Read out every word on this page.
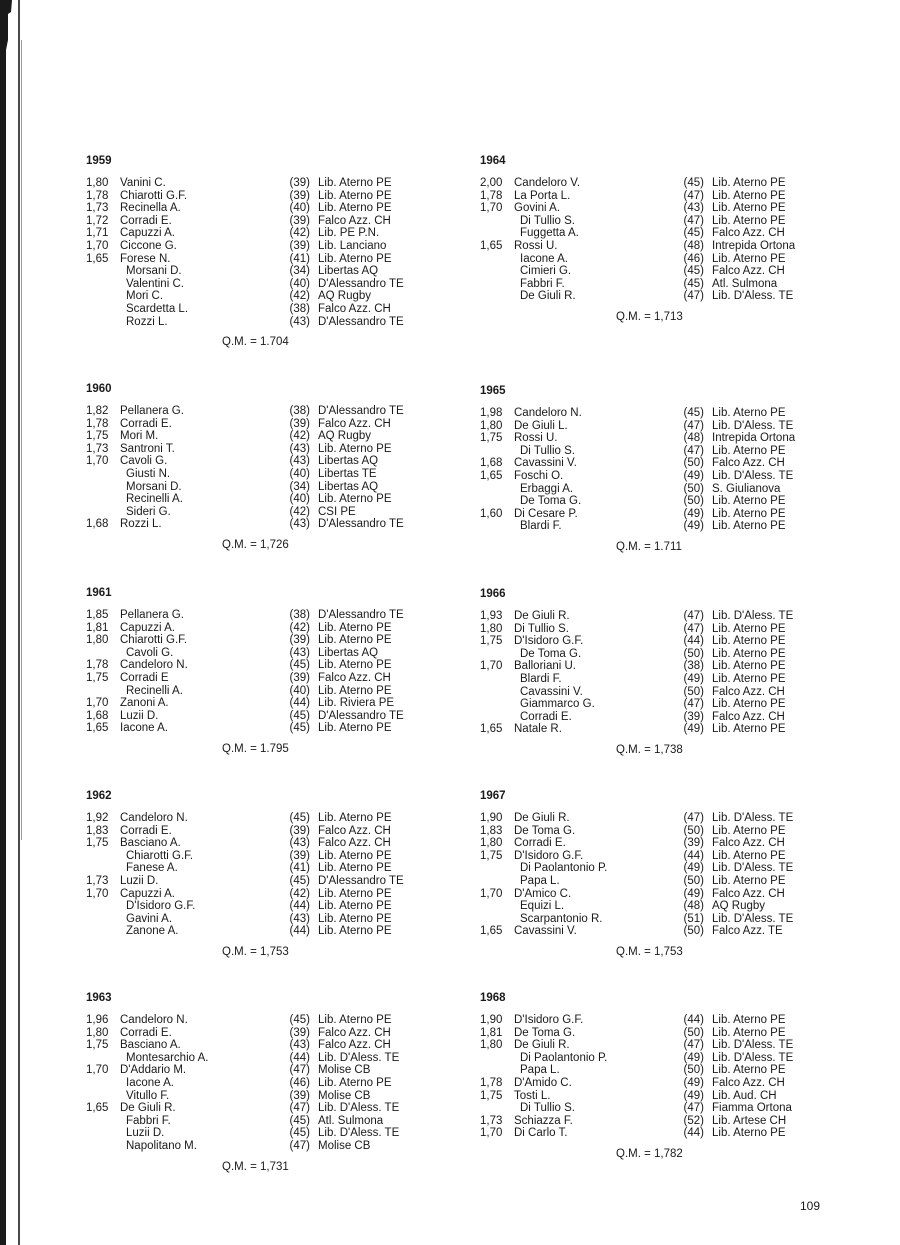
1959
1,80	Vanini C.	(39) Lib. Aterno PE
1,78	Chiarotti G.F.	(39) Lib. Aterno PE
1,73	Recinella A.	(40) Lib. Aterno PE
1,72	Corradi E.	(39) Falco Azz. CH
1,71	Capuzzi A.	(42) Lib. PE P.N.
1,70	Ciccone G.	(39) Lib. Lanciano
1,65	Forese N.	(41) Lib. Aterno PE
Morsani D.	(34) Libertas AQ
Valentini C.	(40) D'Alessandro TE
Mori C.	(42) AQ Rugby
Scardetta L.	(38) Falco Azz. CH
Rozzi L.	(43) D'Alessandro TE
Q.M. = 1.704
1960
1,82	Pellanera G.	(38) D'Alessandro TE
1,78	Corradi E.	(39) Falco Azz. CH
1,75	Mori M.	(42) AQ Rugby
1,73	Santroni T.	(43) Lib. Aterno PE
1,70	Cavoli G.	(43) Libertas AQ
Giusti N.	(40) Libertas TE
Morsani D.	(34) Libertas AQ
Recinelli A.	(40) Lib. Aterno PE
Sideri G.	(42) CSI PE
1,68	Rozzi L.	(43) D'Alessandro TE
Q.M. = 1,726
1961
1,85	Pellanera G.	(38) D'Alessandro TE
1,81	Capuzzi A.	(42) Lib. Aterno PE
1,80	Chiarotti G.F.	(39) Lib. Aterno PE
Cavoli G.	(43) Libertas AQ
1,78	Candeloro N.	(45) Lib. Aterno PE
1,75	Corradi E	(39) Falco Azz. CH
Recinelli A.	(40) Lib. Aterno PE
1,70	Zanoni A.	(44) Lib. Riviera PE
1,68	Luzii D.	(45) D'Alessandro TE
1,65	Iacone A.	(45) Lib. Aterno PE
Q.M. = 1.795
1962
1,92	Candeloro N.	(45) Lib. Aterno PE
1,83	Corradi E.	(39) Falco Azz. CH
1,75	Basciano A.	(43) Falco Azz. CH
Chiarotti G.F.	(39) Lib. Aterno PE
Fanese A.	(41) Lib. Aterno PE
1,73	Luzii D.	(45) D'Alessandro TE
1,70	Capuzzi A.	(42) Lib. Aterno PE
D'Isidoro G.F.	(44) Lib. Aterno PE
Gavini A.	(43) Lib. Aterno PE
Zanone A.	(44) Lib. Aterno PE
Q.M. = 1,753
1963
1,96	Candeloro N.	(45) Lib. Aterno PE
1,80	Corradi E.	(39) Falco Azz. CH
1,75	Basciano A.	(43) Falco Azz. CH
Montesarchio A.	(44) Lib. D'Aless. TE
1,70	D'Addario M.	(47) Molise CB
Iacone A.	(46) Lib. Aterno PE
Vitullo F.	(39) Molise CB
1,65	De Giuli R.	(47) Lib. D'Aless. TE
Fabbri F.	(45) Atl. Sulmona
Luzii D.	(45) Lib. D'Aless. TE
Napolitano M.	(47) Molise CB
Q.M. = 1,731
1964
2,00	Candeloro V.	(45) Lib. Aterno PE
1,78	La Porta L.	(47) Lib. Aterno PE
1,70	Govini A.	(43) Lib. Aterno PE
Di Tullio S.	(47) Lib. Aterno PE
Fuggetta A.	(45) Falco Azz. CH
1,65	Rossi U.	(48) Intrepida Ortona
Iacone A.	(46) Lib. Aterno PE
Cimieri G.	(45) Falco Azz. CH
Fabbri F.	(45) Atl. Sulmona
De Giuli R.	(47) Lib. D'Aless. TE
Q.M. = 1,713
1965
1,98	Candeloro N.	(45) Lib. Aterno PE
1,80	De Giuli L.	(47) Lib. D'Aless. TE
1,75	Rossi U.	(48) Intrepida Ortona
Di Tullio S.	(47) Lib. Aterno PE
1,68	Cavassini V.	(50) Falco Azz. CH
1,65	Foschi O.	(49) Lib. D'Aless. TE
Erbaggi A.	(50) S. Giulianova
De Toma G.	(50) Lib. Aterno PE
1,60	Di Cesare P.	(49) Lib. Aterno PE
Blardi F.	(49) Lib. Aterno PE
Q.M. = 1.711
1966
1,93	De Giuli R.	(47) Lib. D'Aless. TE
1,80	Di Tullio S.	(47) Lib. Aterno PE
1,75	D'Isidoro G.F.	(44) Lib. Aterno PE
De Toma G.	(50) Lib. Aterno PE
1,70	Balloriani U.	(38) Lib. Aterno PE
Blardi F.	(49) Lib. Aterno PE
Cavassini V.	(50) Falco Azz. CH
Giammarco G.	(47) Lib. Aterno PE
Corradi E.	(39) Falco Azz. CH
1,65	Natale R.	(49) Lib. Aterno PE
Q.M. = 1,738
1967
1,90	De Giuli R.	(47) Lib. D'Aless. TE
1,83	De Toma G.	(50) Lib. Aterno PE
1,80	Corradi E.	(39) Falco Azz. CH
1,75	D'Isidoro G.F.	(44) Lib. Aterno PE
Di Paolantonio P.	(49) Lib. D'Aless. TE
Papa L.	(50) Lib. Aterno PE
1,70	D'Amico C.	(49) Falco Azz. CH
Equizi L.	(48) AQ Rugby
Scarpantonio R.	(51) Lib. D'Aless. TE
1,65	Cavassini V.	(50) Falco Azz. TE
Q.M. = 1,753
1968
1,90	D'Isidoro G.F.	(44) Lib. Aterno PE
1,81	De Toma G.	(50) Lib. Aterno PE
1,80	De Giuli R.	(47) Lib. D'Aless. TE
Di Paolantonio P.	(49) Lib. D'Aless. TE
Papa L.	(50) Lib. Aterno PE
1,78	D'Amido C.	(49) Falco Azz. CH
1,75	Tosti L.	(49) Lib. Aud. CH
Di Tullio S.	(47) Fiamma Ortona
1,73	Schiazza F.	(52) Lib. Artese CH
1,70	Di Carlo T.	(44) Lib. Aterno PE
Q.M. = 1,782
109
